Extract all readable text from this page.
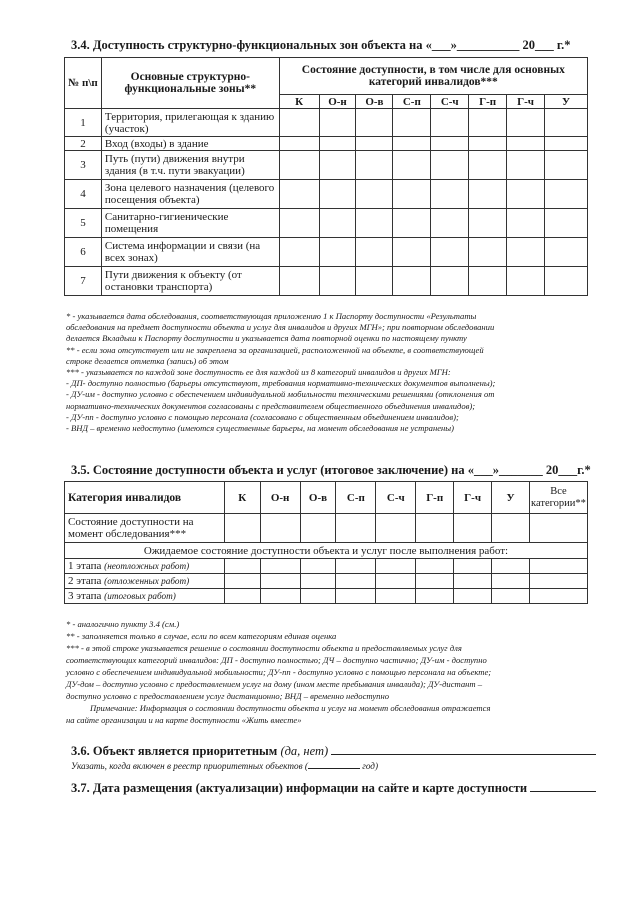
3.4. Доступность структурно-функциональных зон объекта на «___»__________ 20___ г.*
№ п\п	Основные структурно-функциональные зоны**	Состояние доступности, в том числе для основных категорий инвалидов***							
		К	О-н	О-в	С-п	С-ч	Г-п	Г-ч	У
1	Территория, прилегающая к зданию (участок)								
2	Вход (входы) в здание								
3	Путь (пути) движения внутри здания (в т.ч. пути эвакуации)								
4	Зона целевого назначения (целевого посещения объекта)								
5	Санитарно-гигиенические помещения								
6	Система информации и связи (на всех зонах)								
7	Пути движения к объекту (от остановки транспорта)								
* - указывается дата обследования, соответствующая приложению 1 к Паспорту доступности «Результаты
обследования на предмет доступности объекта и услуг для инвалидов и других МГН»; при повторном обследовании
делается Вкладыш к Паспорту доступности и указывается дата повторной оценки по настоящему пункту
** - если зона отсутствует или не закреплена за организацией, расположенной на объекте, в соответствующей
строке делается отметка (запись) об этом
*** - указывается по каждой зоне доступность ее для каждой из 8 категорий инвалидов и других МГН:
- ДП- доступно полностью (барьеры отсутствуют, требования нормативно-технических документов выполнены);
- ДУ-им - доступно условно с обеспечением индивидуальной мобильности техническими решениями (отклонения от
нормативно-технических документов согласованы с представителем общественного объединения инвалидов);
- ДУ-пп - доступно условно с помощью персонала (согласовано с общественным объединением инвалидов);
- ВНД – временно недоступно (имеются существенные барьеры, на момент обследования не устранены)
3.5. Состояние доступности объекта и услуг (итоговое заключение) на «___»_______ 20___г.*
Категория инвалидов	К	О-н	О-в	С-п	С-ч	Г-п	Г-ч	У	Все категории**
Состояние доступности на момент обследования***									
Ожидаемое состояние доступности объекта и услуг после выполнения работ:									
1 этапа (неотложных работ)									
2 этапа (отложенных работ)									
3 этапа (итоговых работ)									
* - аналогично пункту 3.4 (см.)
** - заполняется только в случае, если по всем категориям единая оценка
*** - в этой строке указывается решение о состоянии доступности объекта и предоставляемых услуг для
соответствующих категорий инвалидов: ДП - доступно полностью; ДЧ – доступно частично; ДУ-им - доступно
условно с обеспечением индивидуальной мобильности; ДУ-пп - доступно условно с помощью персонала на объекте;
ДУ-дом – доступно условно с предоставлением услуг на дому (ином месте пребывания инвалида); ДУ-дистант –
доступно условно с предоставлением услуг дистанционно; ВНД – временно недоступно
Примечание: Информация о состоянии доступности объекта и услуг на момент обследования отражается
на сайте организации и на карте доступности «Жить вместе»
3.6. Объект является приоритетным (да, нет)
Указать, когда включен в реестр приоритетных объектов (	год)
3.7. Дата размещения (актуализации) информации на сайте и карте доступности
